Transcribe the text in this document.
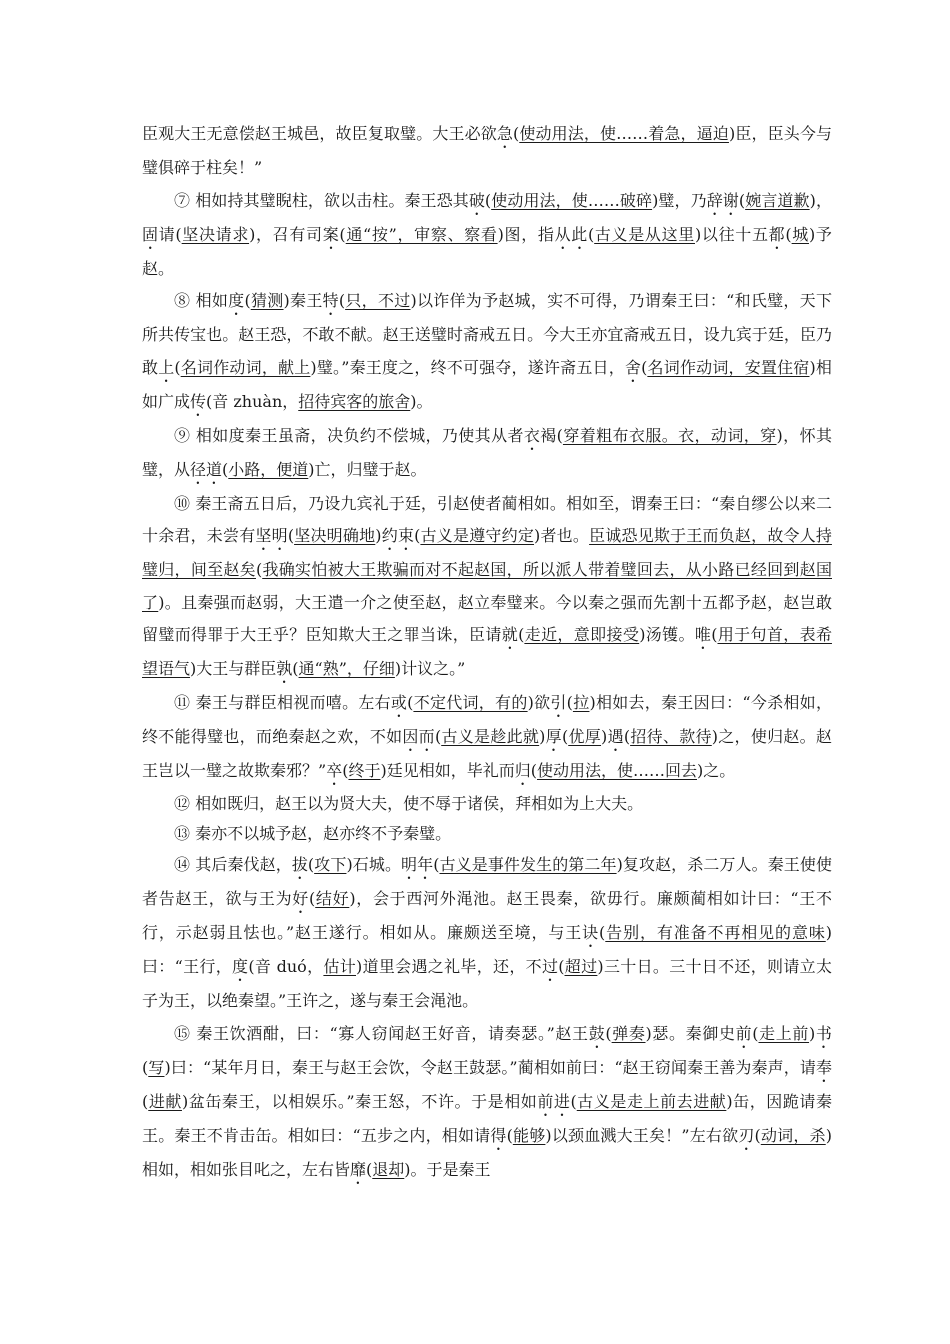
臣观大王无意偿赵王城邑，故臣复取璧。大王必欲急(使动用法，使……着急，逼迫)臣，臣头今与璧俱碎于柱矣！”

⑦ 相如持其璧睨柱，欲以击柱。秦王恐其破(使动用法，使……破碎)璧，乃辞谢(婉言道歉)，固请(坚决请求)，召有司案(通“按”，审察、察看)图，指从此(古义是从这里)以往十五都(城)予赵。

⑧ 相如度(猜测)秦王特(只，不过)以诈佯为予赵城，实不可得，乃谓秦王曰：“和氏璧，天下所共传宝也。赵王恐，不敢不献。赵王送璧时斋戒五日。今大王亦宜斋戒五日，设九宾于廷，臣乃敢上(名词作动词，献上)璧。”秦王度之，终不可强夺，遂许斋五日，舍(名词作动词，安置住宿)相如广成传(音 zhuàn，招待宾客的旅舍)。

⑨ 相如度秦王虽斋，决负约不偿城，乃使其从者衣褐(穿着粗布衣服。衣，动词，穿)，怀其璧，从径道(小路，便道)亡，归璧于赵。

⑩ 秦王斋五日后，乃设九宾礼于廷，引赵使者蔺相如。相如至，谓秦王曰：“秦自缪公以来二十余君，未尝有坚明(坚决明确地)约束(古义是遵守约定)者也。臣诚恐见欺于王而负赵，故令人持璧归，间至赵矣(我确实怕被大王欺骗而对不起赵国，所以派人带着璧回去，从小路已经回到赵国了)。且秦强而赵弱，大王遣一介之使至赵，赵立奉璧来。今以秦之强而先割十五都予赵，赵岂敢留璧而得罪于大王乎？臣知欺大王之罪当诛，臣请就(走近，意即接受)汤镬。唯(用于句首，表希望语气)大王与群臣孰(通“熟”，仔细)计议之。”

⑪ 秦王与群臣相视而嘻。左右或(不定代词，有的)欲引(拉)相如去，秦王因曰：“今杀相如，终不能得璧也，而绝秦赵之欢，不如因而(古义是趁此就)厚(优厚)遇(招待、款待)之，使归赵。赵王岂以一璧之故欺秦邪？”卒(终于)廷见相如，毕礼而归(使动用法，使……回去)之。

⑫ 相如既归，赵王以为贤大夫，使不辱于诸侯，拜相如为上大夫。

⑬ 秦亦不以城予赵，赵亦终不予秦璧。

⑭ 其后秦伐赵，拔(攻下)石城。明年(古义是事件发生的第二年)复攻赵，杀二万人。秦王使使者告赵王，欲与王为好(结好)，会于西河外渑池。赵王畏秦，欲毋行。廉颇蔺相如计曰：“王不行，示赵弱且怯也。”赵王遂行。相如从。廉颇送至境，与王诀(告别，有准备不再相见的意味)曰：“王行，度(音 duó，估计)道里会遇之礼毕，还，不过(超过)三十日。三十日不还，则请立太子为王，以绝秦望。”王许之，遂与秦王会渑池。

⑮ 秦王饮酒酣，曰：“寡人窃闻赵王好音，请奏瑟。”赵王鼓(弹奏)瑟。秦御史前(走上前)书(写)曰：“某年月日，秦王与赵王会饮，令赵王鼓瑟。”蔺相如前曰：“赵王窃闻秦王善为秦声，请奉(进献)盆缶秦王，以相娱乐。”秦王怒，不许。于是相如前进(古义是走上前去进献)缶，因跪请秦王。秦王不肯击缶。相如曰：“五步之内，相如请得(能够)以颈血溅大王矣！”左右欲刃(动词，杀)相如，相如张目叱之，左右皆靡(退却)。于是秦王
